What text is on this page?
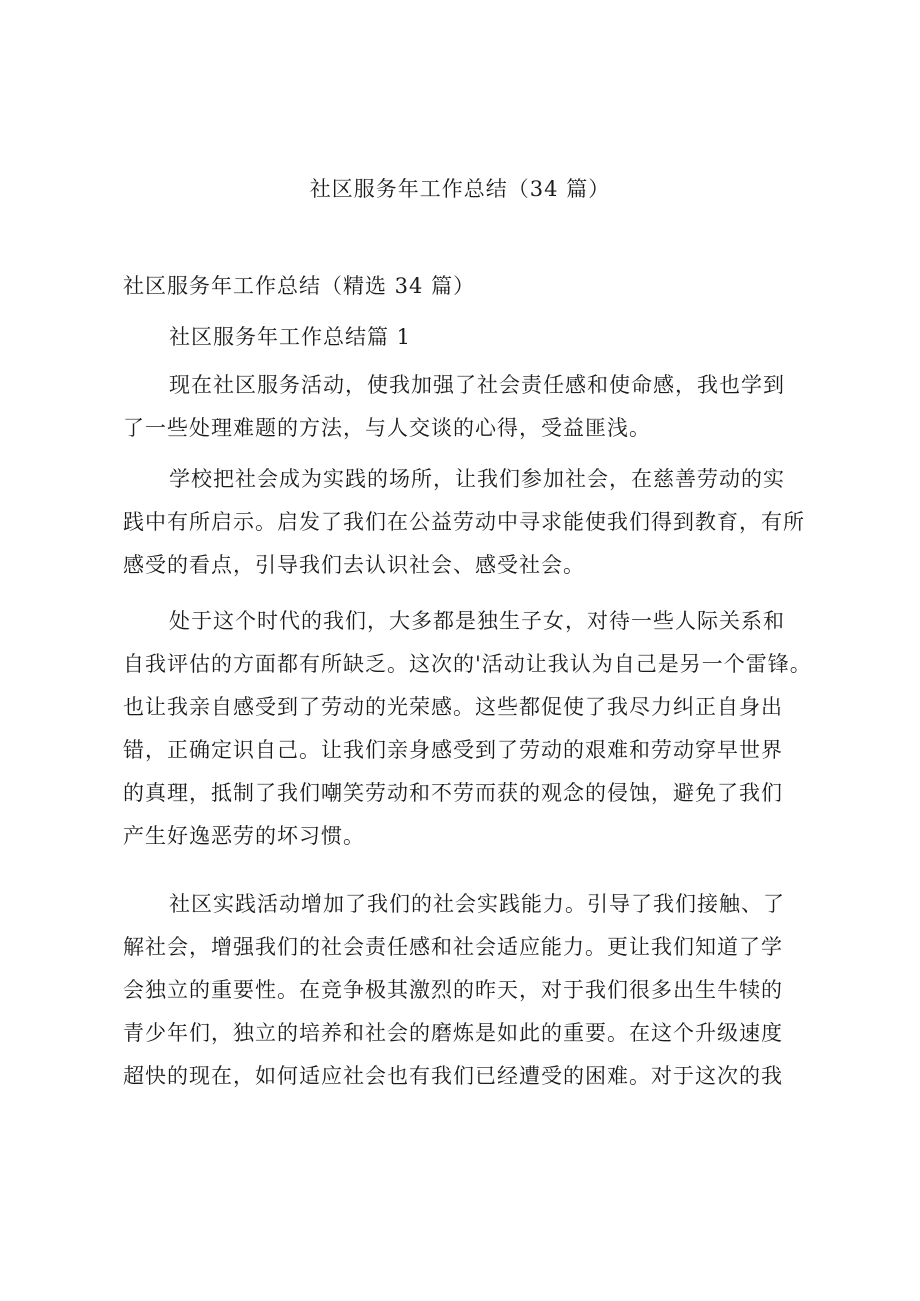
社区服务年工作总结（34 篇）
社区服务年工作总结（精选 34 篇）
社区服务年工作总结篇 1
现在社区服务活动，使我加强了社会责任感和使命感，我也学到
了一些处理难题的方法，与人交谈的心得，受益匪浅。
学校把社会成为实践的场所，让我们参加社会，在慈善劳动的实
践中有所启示。启发了我们在公益劳动中寻求能使我们得到教育，有所
感受的看点，引导我们去认识社会、感受社会。
处于这个时代的我们，大多都是独生子女，对待一些人际关系和
自我评估的方面都有所缺乏。这次的'活动让我认为自己是另一个雷锋。
也让我亲自感受到了劳动的光荣感。这些都促使了我尽力纠正自身出
错，正确定识自己。让我们亲身感受到了劳动的艰难和劳动穿早世界
的真理，抵制了我们嘲笑劳动和不劳而获的观念的侵蚀，避免了我们
产生好逸恶劳的坏习惯。
社区实践活动增加了我们的社会实践能力。引导了我们接触、了
解社会，增强我们的社会责任感和社会适应能力。更让我们知道了学
会独立的重要性。在竞争极其激烈的昨天，对于我们很多出生牛犊的
青少年们，独立的培养和社会的磨炼是如此的重要。在这个升级速度
超快的现在，如何适应社会也有我们已经遭受的困难。对于这次的我
